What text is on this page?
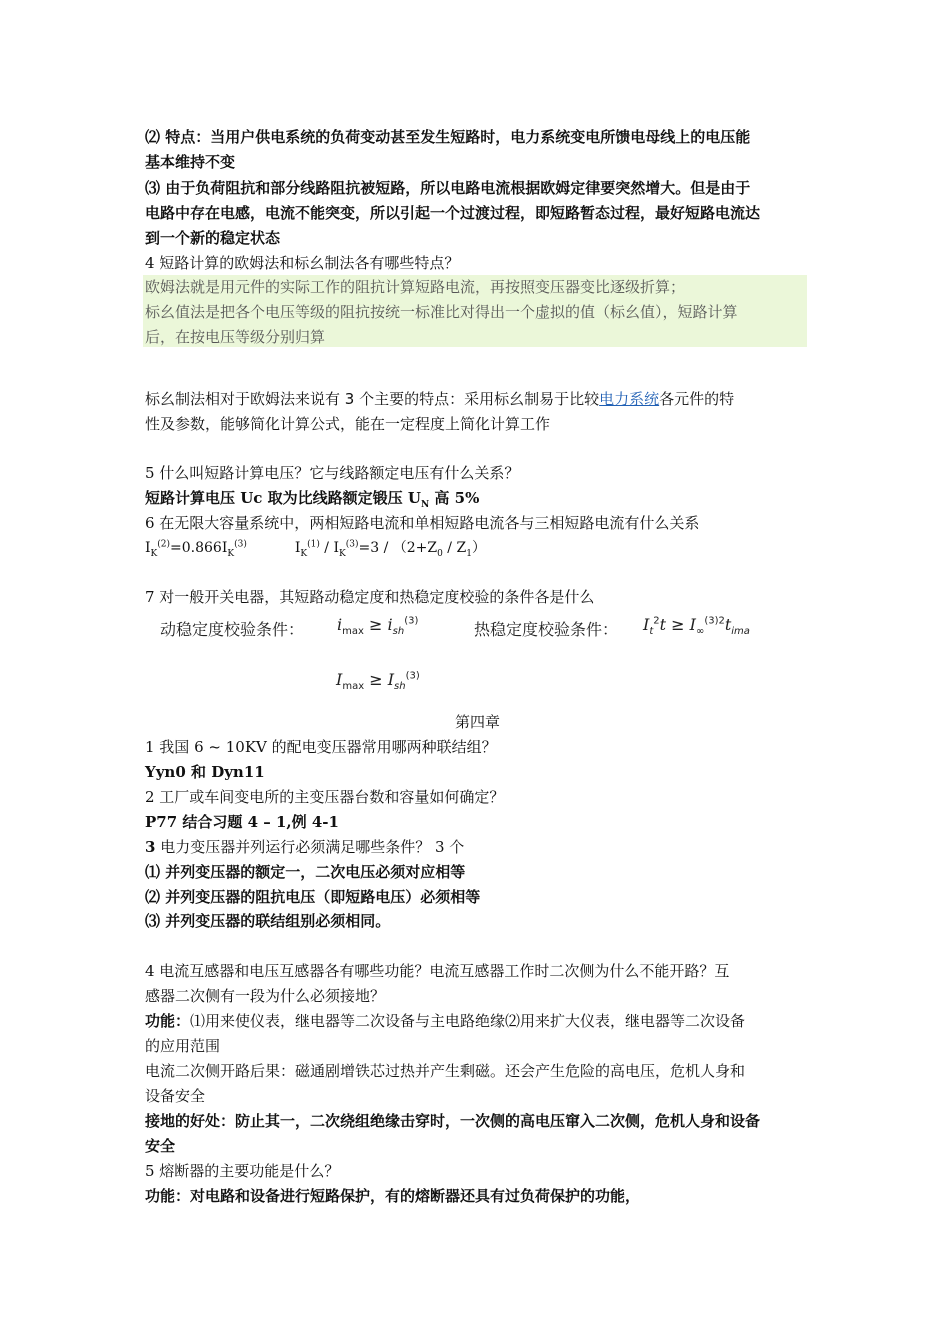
⑵ 特点：当用户供电系统的负荷变动甚至发生短路时，电力系统变电所馈电母线上的电压能
基本维持不变
⑶ 由于负荷阻抗和部分线路阻抗被短路，所以电路电流根据欧姆定律要突然增大。但是由于
电路中存在电感，电流不能突变，所以引起一个过渡过程，即短路暂态过程，最好短路电流达
到一个新的稳定状态
4 短路计算的欧姆法和标幺制法各有哪些特点？
欧姆法就是用元件的实际工作的阻抗计算短路电流，再按照变压器变比逐级折算；
标幺值法是把各个电压等级的阻抗按统一标准比对得出一个虚拟的值（标幺值），短路计算
后，在按电压等级分别归算
标幺制法相对于欧姆法来说有 3 个主要的特点：采用标幺制易于比较电力系统各元件的特
性及参数，能够简化计算公式，能在一定程度上简化计算工作
5 什么叫短路计算电压？它与线路额定电压有什么关系？
短路计算电压 Uc 取为比线路额定锻压 $U_N$ 高 5%
6 在无限大容量系统中，两相短路电流和单相短路电流各与三相短路电流有什么关系
$I_K^{(2)}=0.866I_K^{(3)}$	$I_K^{(1)} / I_K^{(3)}=3 / (2+Z_0 / Z_1)$
7 对一般开关电器，其短路动稳定度和热稳定度校验的条件各是什么
动稳定度校验条件： $i_{max} \ge i_{sh}^{(3)}$	热稳定度校验条件： $I_t^2t \ge I_\infty^{(3)2}t_{ima}$
$I_{max} \ge I_{sh}^{(3)}$
第四章
1 我国 6 ~ 10KV 的配电变压器常用哪两种联结组？
Yyn0 和 Dyn11
2 工厂或车间变电所的主变压器台数和容量如何确定？
P77 结合习题 4 – 1,例 4-1
3 电力变压器并列运行必须满足哪些条件？ 3 个
⑴ 并列变压器的额定一，二次电压必须对应相等
⑵ 并列变压器的阻抗电压（即短路电压）必须相等
⑶ 并列变压器的联结组别必须相同。
4 电流互感器和电压互感器各有哪些功能？电流互感器工作时二次侧为什么不能开路？互
感器二次侧有一段为什么必须接地？
功能：⑴用来使仪表，继电器等二次设备与主电路绝缘⑵用来扩大仪表，继电器等二次设备
的应用范围
电流二次侧开路后果：磁通剧增铁芯过热并产生剩磁。还会产生危险的高电压，危机人身和
设备安全
接地的好处：防止其一，二次绕组绝缘击穿时，一次侧的高电压窜入二次侧，危机人身和设备
安全
5 熔断器的主要功能是什么？
功能：对电路和设备进行短路保护，有的熔断器还具有过负荷保护的功能，
